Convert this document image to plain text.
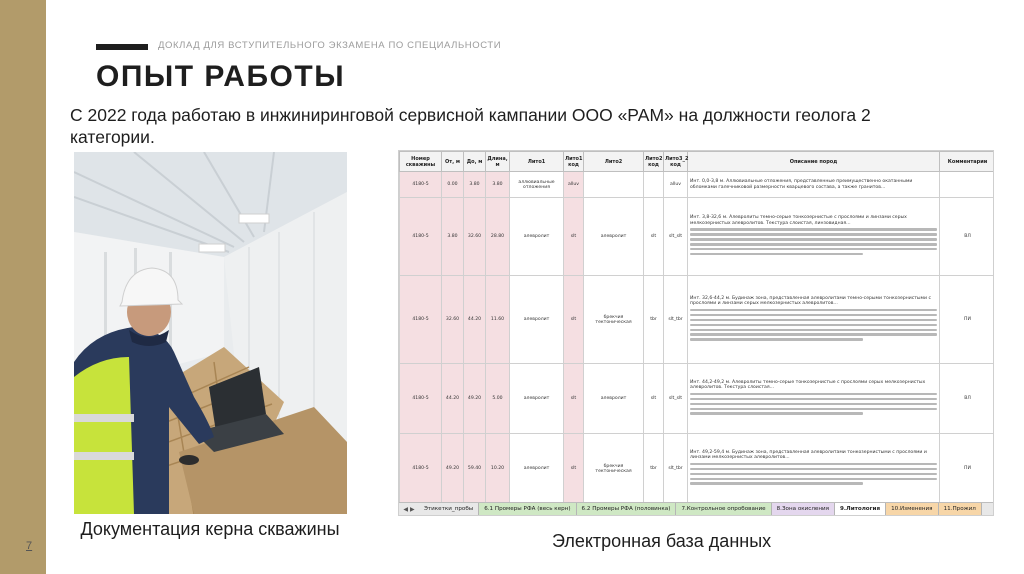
7
ДОКЛАД ДЛЯ ВСТУПИТЕЛЬНОГО ЭКЗАМЕНА ПО СПЕЦИАЛЬНОСТИ
ОПЫТ РАБОТЫ
С 2022 года работаю в инжиниринговой сервисной кампании ООО «РАМ» на должности геолога 2 категории.
Документация керна скважины
Электронная база данных
Номер скважины	От, м	До, м	Длина, м	Лито1	Лито1 код	Лито2	Лито2 код	Лито3_2 код	Описание пород	Комментарии
4180-5	0.00	3.80	3.80	аллювиальные отложения	alluv			alluv	Инт. 0,0-3,8 м. Аллювиальные отложения, представленные преимущественно окатанными обломками галечниковой размерности кварцевого состава, а также гранитов...	
4180-5	3.80	32.60	28.80	алевролит	slt	алевролит	slt	slt_slt	Инт. 3,8-32,6 м. Алевролиты темно-серые тонкозернистые с прослоями и линзами серых мелкозернистых алевролитов. Текстура слоистая, линзовидная...	ВЛ
4180-5	32.60	44.20	11.60	алевролит	slt	брекчия тектоническая	tbr	slt_tbr	Инт. 32,6-44,2 м. Будинаж зона, представленная алевролитами темно-серыми тонкозернистыми с прослоями и линзами серых мелкозернистых алевролитов...	ПИ
4180-5	44.20	49.20	5.00	алевролит	slt	алевролит	slt	slt_slt	Инт. 44,2-49,2 м. Алевролиты темно-серые тонкозернистые с прослоями серых мелкозернистых алевролитов. Текстура слоистая...	ВЛ
4180-5	49.20	59.40	10.20	алевролит	slt	брекчия тектоническая	tbr	slt_tbr	Инт. 49,2-59,4 м. Будинаж зона, представленная алевролитами тонкозернистыми с прослоями и линзами мелкозернистых алевролитов...	ПИ
◀ ▶	Этикетки_пробы	6.1 Промеры РФА (весь керн)	6.2 Промеры РФА (половинка)	7.Контрольное опробование	8.Зона окисления	9.Литология	10.Изменения	11.Прожил
